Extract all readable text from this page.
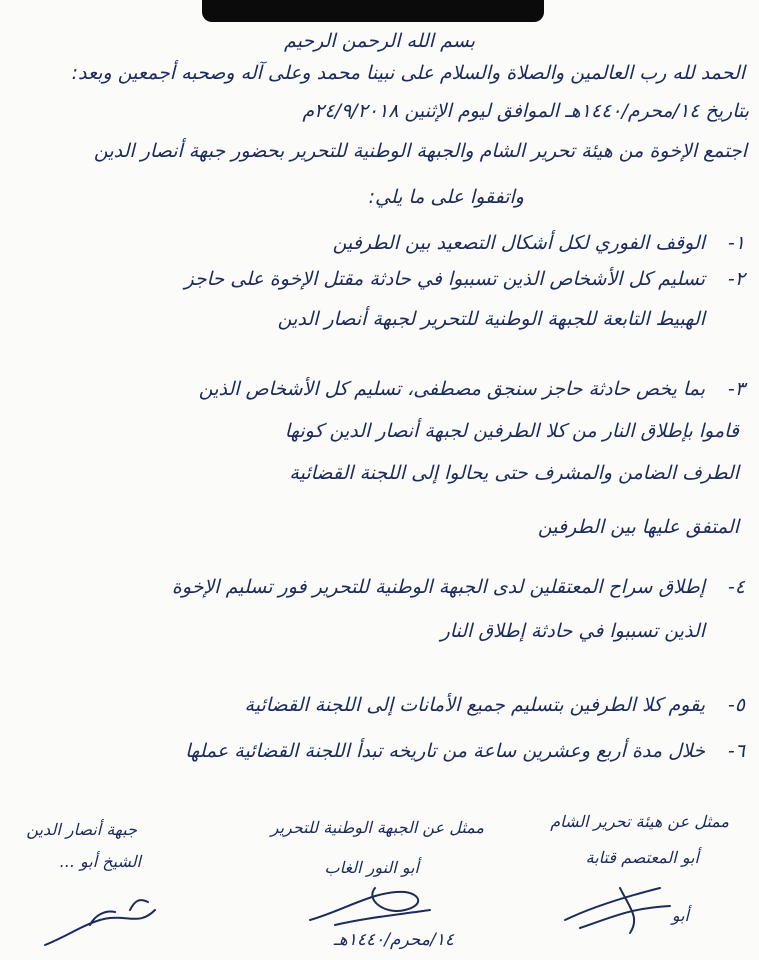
بسم الله الرحمن الرحيم
الحمد لله رب العالمين والصلاة والسلام على نبينا محمد وعلى آله وصحبه أجمعين وبعد:
بتاريخ ١٤/محرم/١٤٤٠هـ الموافق ليوم الإثنين ٢٤/٩/٢٠١٨م
اجتمع الإخوة من هيئة تحرير الشام والجبهة الوطنية للتحرير بحضور جبهة أنصار الدين
واتفقوا على ما يلي:
١-
الوقف الفوري لكل أشكال التصعيد بين الطرفين
٢-
تسليم كل الأشخاص الذين تسببوا في حادثة مقتل الإخوة على حاجز
الهبيط التابعة للجبهة الوطنية للتحرير لجبهة أنصار الدين
٣-
بما يخص حادثة حاجز سنجق مصطفى، تسليم كل الأشخاص الذين
قاموا بإطلاق النار من كلا الطرفين لجبهة أنصار الدين كونها
الطرف الضامن والمشرف حتى يحالوا إلى اللجنة القضائية
المتفق عليها بين الطرفين
٤-
إطلاق سراح المعتقلين لدى الجبهة الوطنية للتحرير فور تسليم الإخوة
الذين تسببوا في حادثة إطلاق النار
٥-
يقوم كلا الطرفين بتسليم جميع الأمانات إلى اللجنة القضائية
٦-
خلال مدة أربع وعشرين ساعة من تاريخه تبدأ اللجنة القضائية عملها
ممثل عن هيئة تحرير الشام
أبو المعتصم قتابة
أبو
ممثل عن الجبهة الوطنية للتحرير
أبو النور الغاب
جبهة أنصار الدين
الشيخ أبو ...
١٤/محرم/١٤٤٠هـ
